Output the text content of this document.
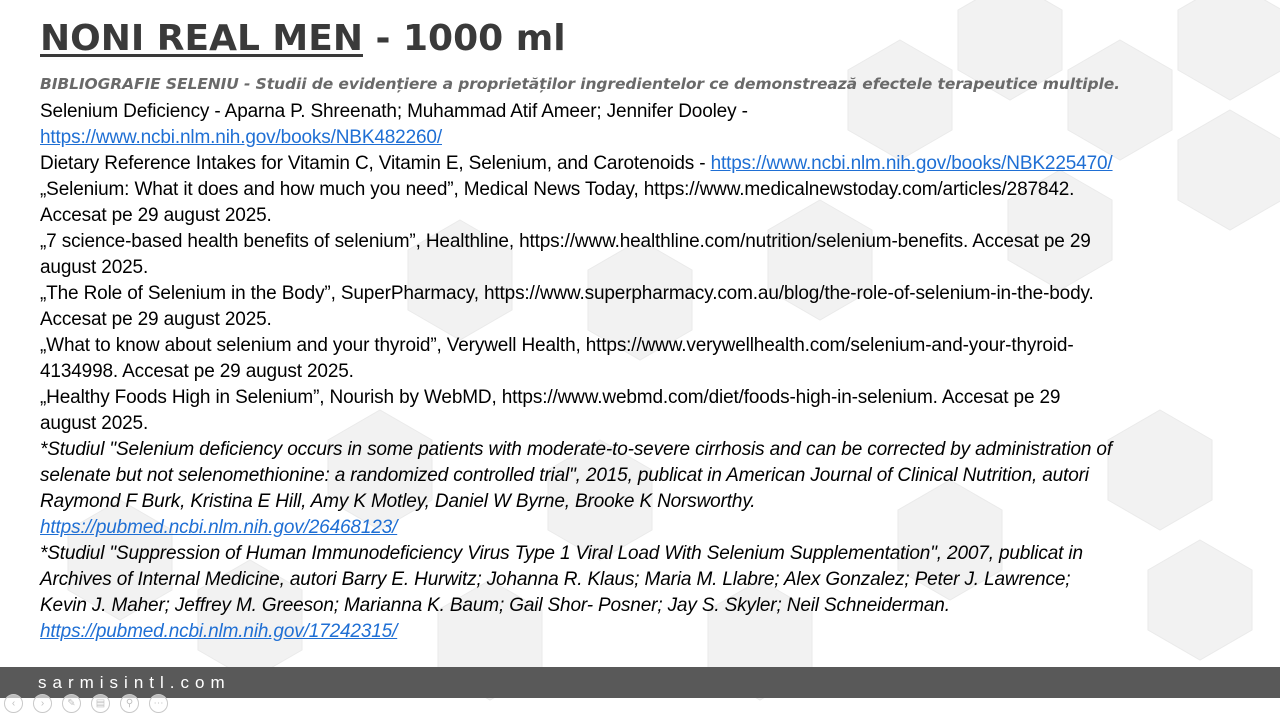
NONI REAL MEN - 1000 ml
BIBLIOGRAFIE SELENIU - Studii de evidențiere a proprietăților ingredientelor ce demonstrează efectele terapeutice multiple.
Selenium Deficiency - Aparna P. Shreenath; Muhammad Atif Ameer; Jennifer Dooley -
https://www.ncbi.nlm.nih.gov/books/NBK482260/
Dietary Reference Intakes for Vitamin C, Vitamin E, Selenium, and Carotenoids - https://www.ncbi.nlm.nih.gov/books/NBK225470/
„Selenium: What it does and how much you need”, Medical News Today, https://www.medicalnewstoday.com/articles/287842.
Accesat pe 29 august 2025.
„7 science-based health benefits of selenium”, Healthline, https://www.healthline.com/nutrition/selenium-benefits. Accesat pe 29
august 2025.
„The Role of Selenium in the Body”, SuperPharmacy, https://www.superpharmacy.com.au/blog/the-role-of-selenium-in-the-body.
Accesat pe 29 august 2025.
„What to know about selenium and your thyroid”, Verywell Health, https://www.verywellhealth.com/selenium-and-your-thyroid-
4134998. Accesat pe 29 august 2025.
„Healthy Foods High in Selenium”, Nourish by WebMD, https://www.webmd.com/diet/foods-high-in-selenium. Accesat pe 29
august 2025.
*Studiul "Selenium deficiency occurs in some patients with moderate-to-severe cirrhosis and can be corrected by administration of
selenate but not selenomethionine: a randomized controlled trial", 2015, publicat in American Journal of Clinical Nutrition, autori
Raymond F Burk, Kristina E Hill, Amy K Motley, Daniel W Byrne, Brooke K Norsworthy.
https://pubmed.ncbi.nlm.nih.gov/26468123/
*Studiul "Suppression of Human Immunodeficiency Virus Type 1 Viral Load With Selenium Supplementation", 2007, publicat in
Archives of Internal Medicine, autori Barry E. Hurwitz; Johanna R. Klaus; Maria M. Llabre; Alex Gonzalez; Peter J. Lawrence;
Kevin J. Maher; Jeffrey M. Greeson; Marianna K. Baum; Gail Shor- Posner; Jay S. Skyler; Neil Schneiderman.
https://pubmed.ncbi.nlm.nih.gov/17242315/
sarmisintl.com
‹	›	✎	▤	⚲	⋯
